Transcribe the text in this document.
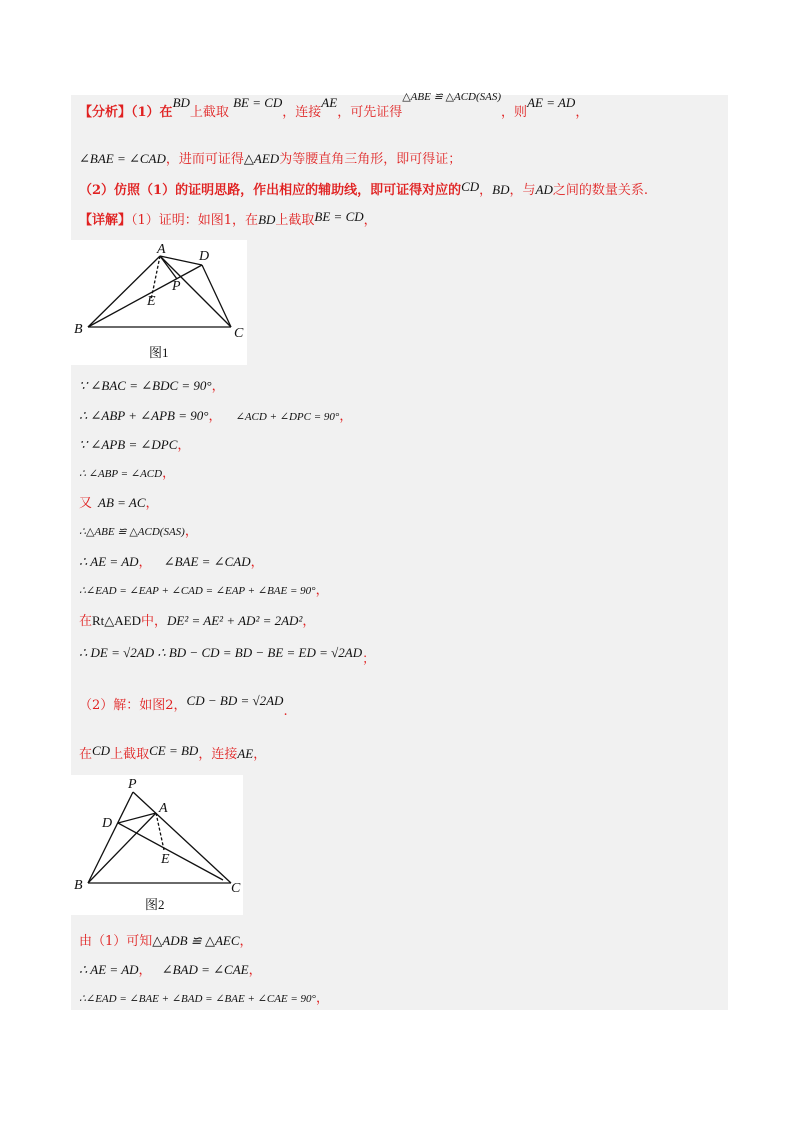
【分析】（1）在BD上截取 BE = CD，连接AE，可先证得$^{\triangle ABE ≌ \triangle ACD(SAS)}$，则AE = AD，
∠BAE = ∠CAD，进而可证得△AED为等腰直角三角形，即可得证；
（2）仿照（1）的证明思路，作出相应的辅助线，即可证得对应的CD，BD，与AD之间的数量关系.
【详解】（1）证明：如图1，在BD上截取BE = CD，
A D
P
E
B	C
图1
∵ ∠BAC = ∠BDC = 90°，
∴ ∠ABP + ∠APB = 90°， ∠ACD + ∠DPC = 90°，
∵ ∠APB = ∠DPC，
∴ ∠ABP = ∠ACD，
又 AB = AC，
∴△ABE ≌ △ACD(SAS)，
∴ AE = AD， ∠BAE = ∠CAD，
∴∠EAD = ∠EAP + ∠CAD = ∠EAP + ∠BAE = 90°，
在Rt△AED中，DE² = AE² + AD² = 2AD²，
∴ DE = √2AD ∴ BD − CD = BD − BE = ED = √2AD；
（2）解：如图2，CD − BD = √2AD.
在CD上截取CE = BD，连接AE，
P
A
D
E
B	C
图2
由（1）可知△ADB ≌ △AEC，
∴ AE = AD， ∠BAD = ∠CAE，
∴∠EAD = ∠BAE + ∠BAD = ∠BAE + ∠CAE = 90°，
